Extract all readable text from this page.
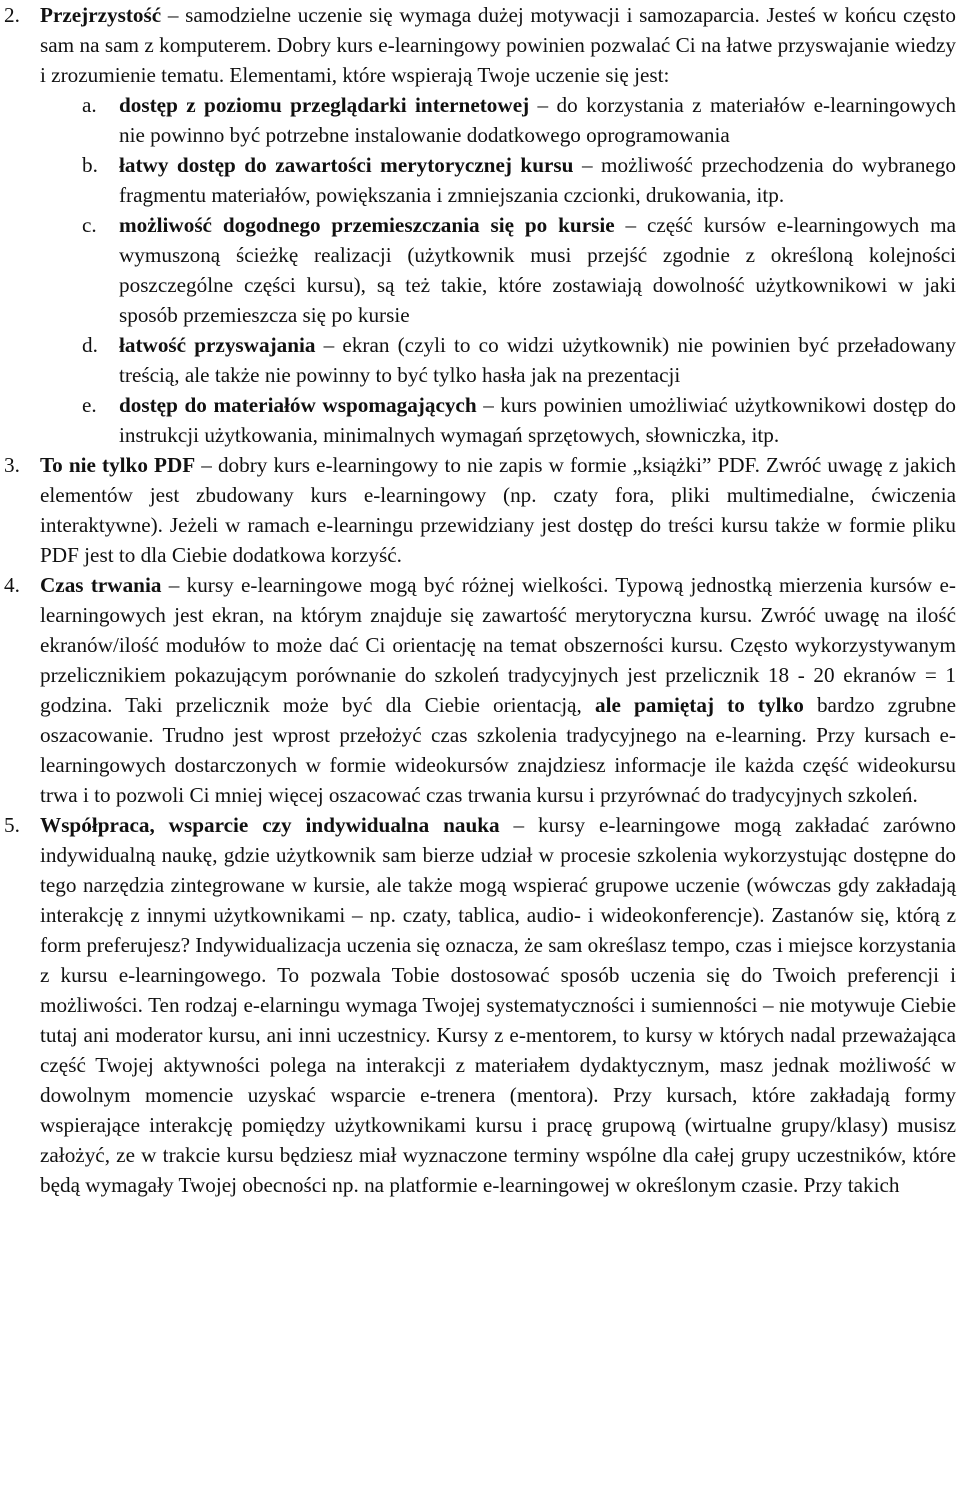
2. Przejrzystość – samodzielne uczenie się wymaga dużej motywacji i samozaparcia. Jesteś w końcu często sam na sam z komputerem. Dobry kurs e-learningowy powinien pozwalać Ci na łatwe przyswajanie wiedzy i zrozumienie tematu. Elementami, które wspierają Twoje uczenie się jest:
a. dostęp z poziomu przeglądarki internetowej – do korzystania z materiałów e-learningowych nie powinno być potrzebne instalowanie dodatkowego oprogramowania
b. łatwy dostęp do zawartości merytorycznej kursu – możliwość przechodzenia do wybranego fragmentu materiałów, powiększania i zmniejszania czcionki, drukowania, itp.
c. możliwość dogodnego przemieszczania się po kursie – część kursów e-learningowych ma wymuszoną ścieżkę realizacji (użytkownik musi przejść zgodnie z określoną kolejności poszczególne części kursu), są też takie, które zostawiają dowolność użytkownikowi w jaki sposób przemieszcza się po kursie
d. łatwość przyswajania – ekran (czyli to co widzi użytkownik) nie powinien być przeładowany treścią, ale także nie powinny to być tylko hasła jak na prezentacji
e. dostęp do materiałów wspomagających – kurs powinien umożliwiać użytkownikowi dostęp do instrukcji użytkowania, minimalnych wymagań sprzętowych, słowniczka, itp.
3. To nie tylko PDF – dobry kurs e-learningowy to nie zapis w formie „książki” PDF. Zwróć uwagę z jakich elementów jest zbudowany kurs e-learningowy (np. czaty fora, pliki multimedialne, ćwiczenia interaktywne). Jeżeli w ramach e-learningu przewidziany jest dostęp do treści kursu także w formie pliku PDF jest to dla Ciebie dodatkowa korzyść.
4. Czas trwania – kursy e-learningowe mogą być różnej wielkości. Typową jednostką mierzenia kursów e-learningowych jest ekran, na którym znajduje się zawartość merytoryczna kursu. Zwróć uwagę na ilość ekranów/ilość modułów to może dać Ci orientację na temat obszerności kursu. Często wykorzystywanym przelicznikiem pokazującym porównanie do szkoleń tradycyjnych jest przelicznik 18 - 20 ekranów = 1 godzina. Taki przelicznik może być dla Ciebie orientacją, ale pamiętaj to tylko bardzo zgrubne oszacowanie. Trudno jest wprost przełożyć czas szkolenia tradycyjnego na e-learning. Przy kursach e-learningowych dostarczonych w formie wideokursów znajdziesz informacje ile każda część wideokursu trwa i to pozwoli Ci mniej więcej oszacować czas trwania kursu i przyrównać do tradycyjnych szkoleń.
5. Współpraca, wsparcie czy indywidualna nauka – kursy e-learningowe mogą zakładać zarówno indywidualną naukę, gdzie użytkownik sam bierze udział w procesie szkolenia wykorzystując dostępne do tego narzędzia zintegrowane w kursie, ale także mogą wspierać grupowe uczenie (wówczas gdy zakładają interakcję z innymi użytkownikami – np. czaty, tablica, audio- i wideokonferencje). Zastanów się, którą z form preferujesz? Indywidualizacja uczenia się oznacza, że sam określasz tempo, czas i miejsce korzystania z kursu e-learningowego. To pozwala Tobie dostosować sposób uczenia się do Twoich preferencji i możliwości. Ten rodzaj e-elarningu wymaga Twojej systematyczności i sumienności – nie motywuje Ciebie tutaj ani moderator kursu, ani inni uczestnicy. Kursy z e-mentorem, to kursy w których nadal przeważająca część Twojej aktywności polega na interakcji z materiałem dydaktycznym, masz jednak możliwość w dowolnym momencie uzyskać wsparcie e-trenera (mentora). Przy kursach, które zakładają formy wspierające interakcję pomiędzy użytkownikami kursu i pracę grupową (wirtualne grupy/klasy) musisz założyć, ze w trakcie kursu będziesz miał wyznaczone terminy wspólne dla całej grupy uczestników, które będą wymagały Twojej obecności np. na platformie e-learningowej w określonym czasie. Przy takich
